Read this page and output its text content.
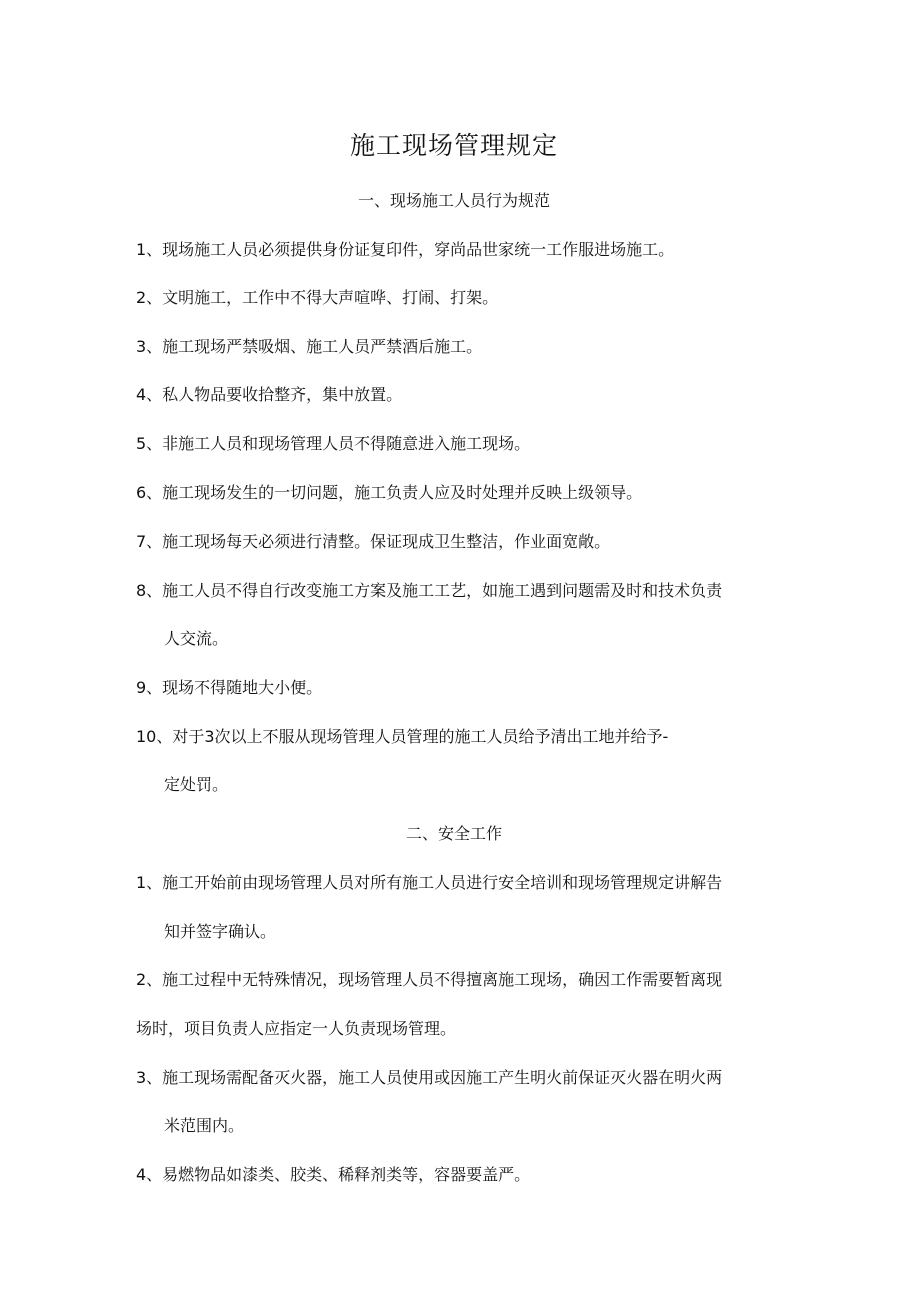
施工现场管理规定
一、现场施工人员行为规范
1、现场施工人员必须提供身份证复印件，穿尚品世家统一工作服进场施工。
2、文明施工，工作中不得大声喧哗、打闹、打架。
3、施工现场严禁吸烟、施工人员严禁酒后施工。
4、私人物品要收拾整齐，集中放置。
5、非施工人员和现场管理人员不得随意进入施工现场。
6、施工现场发生的一切问题，施工负责人应及时处理并反映上级领导。
7、施工现场每天必须进行清整。保证现成卫生整洁，作业面宽敞。
8、施工人员不得自行改变施工方案及施工工艺，如施工遇到问题需及时和技术负责
人交流。
9、现场不得随地大小便。
10、对于3次以上不服从现场管理人员管理的施工人员给予清出工地并给予-
定处罚。
二、安全工作
1、施工开始前由现场管理人员对所有施工人员进行安全培训和现场管理规定讲解告
知并签字确认。
2、施工过程中无特殊情况，现场管理人员不得擅离施工现场，确因工作需要暂离现
场时，项目负责人应指定一人负责现场管理。
3、施工现场需配备灭火器，施工人员使用或因施工产生明火前保证灭火器在明火两
米范围内。
4、易燃物品如漆类、胶类、稀释剂类等，容器要盖严。
